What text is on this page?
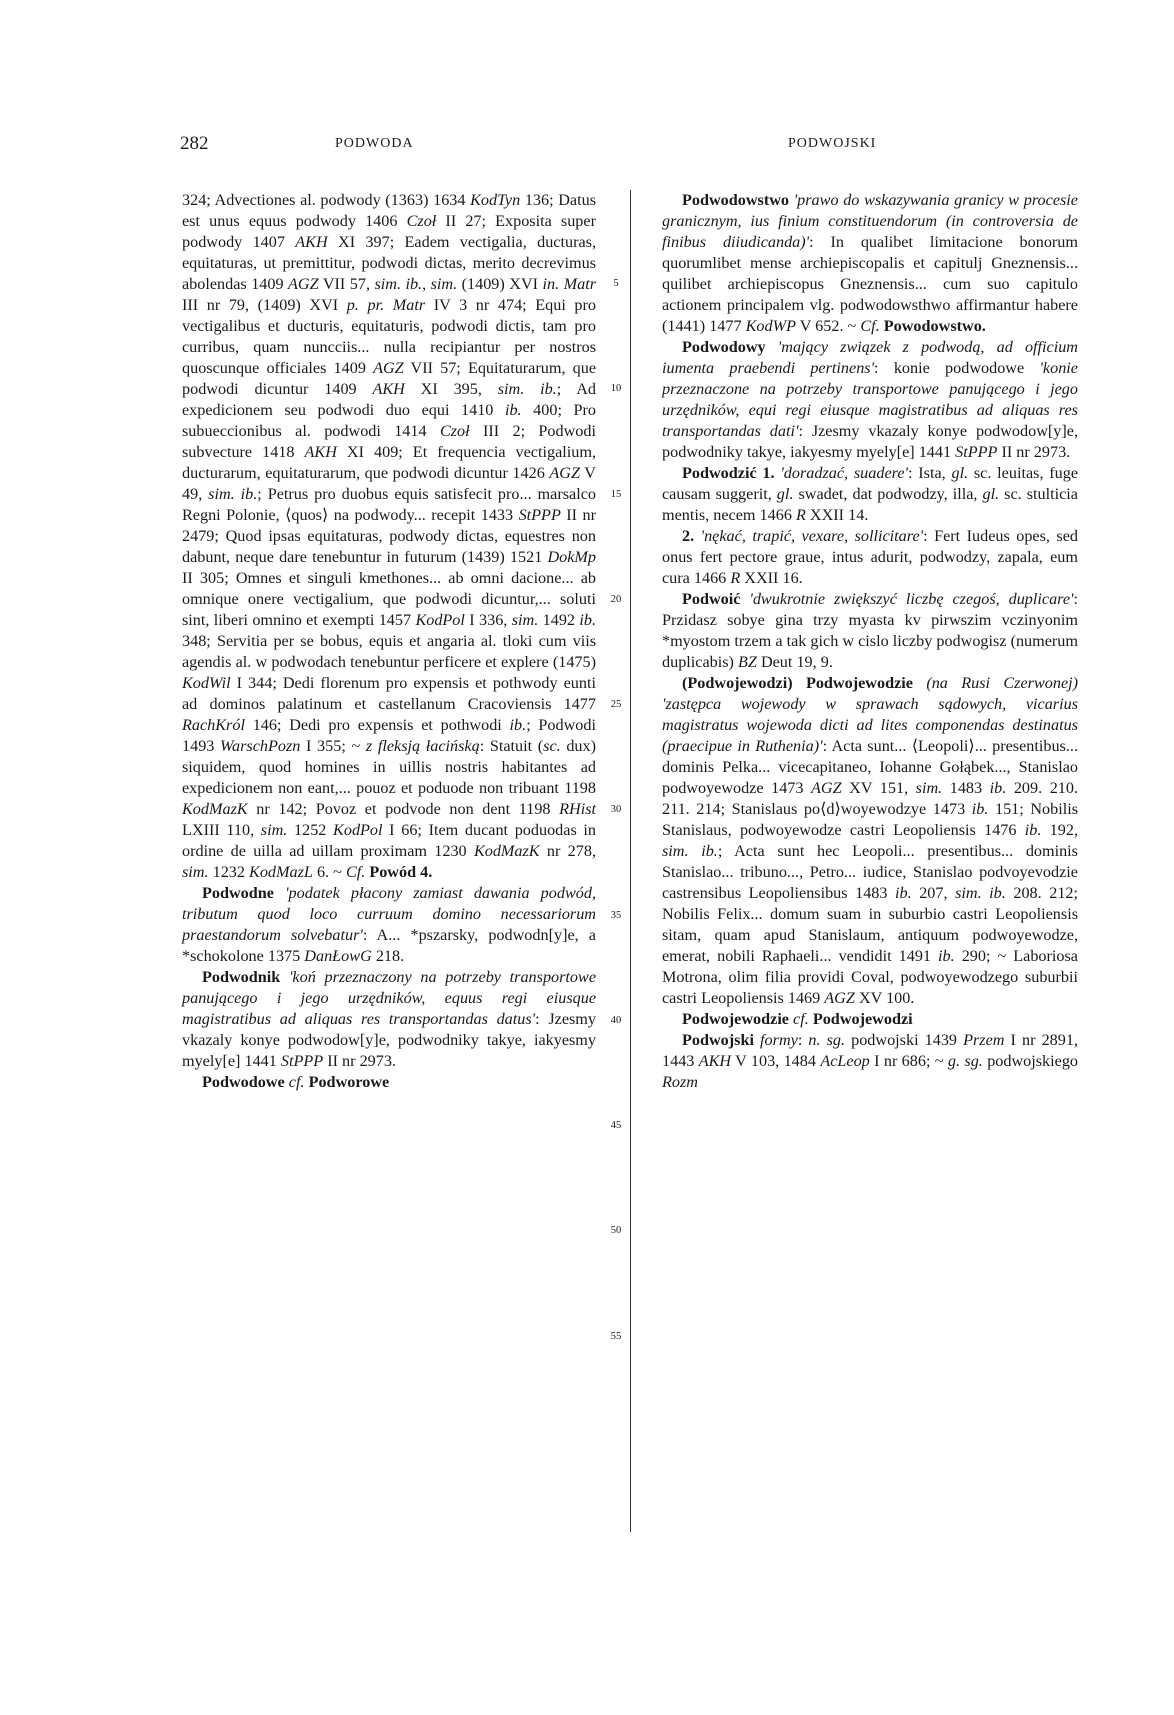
282	PODWODA	PODWOJSKI

324; Advectiones al. podwody (1363) 1634 KodTyn 136; Datus est unus equus podwody 1406 Czoł II 27; Exposita super podwody 1407 AKH XI 397; Eadem vectigalia, ducturas, equitaturas, ut premittitur, podwodi dictas, merito decrevimus abolendas 1409 AGZ VII 57, sim. ib., sim. (1409) XVI in. Matr III nr 79, (1409) XVI p. pr. Matr IV 3 nr 474; Equi pro vectigalibus et ducturis, equitaturis, podwodi dictis, tam pro curribus, quam nuncciis... nulla recipiantur per nostros quoscunque officiales 1409 AGZ VII 57; Equitaturarum, que podwodi dicuntur 1409 AKH XI 395, sim. ib.; Ad expedicionem seu podwodi duo equi 1410 ib. 400; Pro subueccionibus al. podwodi 1414 Czoł III 2; Podwodi subvecture 1418 AKH XI 409; Et frequencia vectigalium, ducturarum, equitaturarum, que podwodi dicuntur 1426 AGZ V 49, sim. ib.; Petrus pro duobus equis satisfecit pro... marsalco Regni Polonie, ⟨quos⟩ na podwody... recepit 1433 StPPP II nr 2479; Quod ipsas equitaturas, podwody dictas, equestres non dabunt, neque dare tenebuntur in futurum (1439) 1521 DokMp II 305; Omnes et singuli kmethones... ab omni dacione... ab omnique onere vectigalium, que podwodi dicuntur,... soluti sint, liberi omnino et exempti 1457 KodPol I 336, sim. 1492 ib. 348; Servitia per se bobus, equis et angaria al. tloki cum viis agendis al. w podwodach tenebuntur perficere et explere (1475) KodWil I 344; Dedi florenum pro expensis et pothwody eunti ad dominos palatinum et castellanum Cracoviensis 1477 RachKról 146; Dedi pro expensis et pothwodi ib.; Podwodi 1493 WarschPozn I 355; ~ z fleksją łacińską: Statuit (sc. dux) siquidem, quod homines in uillis nostris habitantes ad expedicionem non eant,... pouoz et poduode non tribuant 1198 KodMazK nr 142; Povoz et podvode non dent 1198 RHist LXIII 110, sim. 1252 KodPol I 66; Item ducant poduodas in ordine de uilla ad uillam proximam 1230 KodMazK nr 278, sim. 1232 KodMazL 6. ~ Cf. Powód 4.

Podwodne 'podatek płacony zamiast dawania podwód, tributum quod loco curruum domino necessariorum praestandorum solvebatur': A... *pszarsky, podwodn[y]e, a *schokolone 1375 DanŁowG 218.

Podwodnik 'koń przeznaczony na potrzeby transportowe panującego i jego urzędników, equus regi eiusque magistratibus ad aliquas res transportandas datus': Jzesmy vkazaly konye podwodow[y]e, podwodniky takye, iakyesmy myely[e] 1441 StPPP II nr 2973.

Podwodowe cf. Podworowe

5
10
15
20
25
30
35
40
45
50
55

Podwodowstwo 'prawo do wskazywania granicy w procesie granicznym, ius finium constituendorum (in controversia de finibus diiudicanda)': In qualibet limitacione bonorum quorumlibet mense archiepiscopalis et capitulj Gneznensis... quilibet archiepiscopus Gneznensis... cum suo capitulo actionem principalem vlg. podwodowsthwo affirmantur habere (1441) 1477 KodWP V 652. ~ Cf. Powodowstwo.

Podwodowy 'mający związek z podwodą, ad officium iumenta praebendi pertinens': konie podwodowe 'konie przeznaczone na potrzeby transportowe panującego i jego urzędników, equi regi eiusque magistratibus ad aliquas res transportandas dati': Jzesmy vkazaly konye podwodow[y]e, podwodniky takye, iakyesmy myely[e] 1441 StPPP II nr 2973.

Podwodzić 1. 'doradzać, suadere': Ista, gl. sc. leuitas, fuge causam suggerit, gl. swadet, dat podwodzy, illa, gl. sc. stulticia mentis, necem 1466 R XXII 14.

2. 'nękać, trapić, vexare, sollicitare': Fert Iudeus opes, sed onus fert pectore graue, intus adurit, podwodzy, zapala, eum cura 1466 R XXII 16.

Podwoić 'dwukrotnie zwiększyć liczbę czegoś, duplicare': Przidasz sobye gina trzy myasta kv pirwszim vczinyonim *myostom trzem a tak gich w cislo liczby podwogisz (numerum duplicabis) BZ Deut 19, 9.

(Podwojewodzi) Podwojewodzie (na Rusi Czerwonej) 'zastępca wojewody w sprawach sądowych, vicarius magistratus wojewoda dicti ad lites componendas destinatus (praecipue in Ruthenia)': Acta sunt... ⟨Leopoli⟩... presentibus... dominis Pelka... vicecapitaneo, Iohanne Gołąbek..., Stanislao podwoyewodze 1473 AGZ XV 151, sim. 1483 ib. 209. 210. 211. 214; Stanislaus po⟨d⟩woyewodzye 1473 ib. 151; Nobilis Stanislaus, podwoyewodze castri Leopoliensis 1476 ib. 192, sim. ib.; Acta sunt hec Leopoli... presentibus... dominis Stanislao... tribuno..., Petro... iudice, Stanislao podvoyevodzie castrensibus Leopoliensibus 1483 ib. 207, sim. ib. 208. 212; Nobilis Felix... domum suam in suburbio castri Leopoliensis sitam, quam apud Stanislaum, antiquum podwoyewodze, emerat, nobili Raphaeli... vendidit 1491 ib. 290; ~ Laboriosa Motrona, olim filia providi Coval, podwoyewodzego suburbii castri Leopoliensis 1469 AGZ XV 100.

Podwojewodzie cf. Podwojewodzi

Podwojski formy: n. sg. podwojski 1439 Przem I nr 2891, 1443 AKH V 103, 1484 AcLeop I nr 686; ~ g. sg. podwojskiego Rozm
